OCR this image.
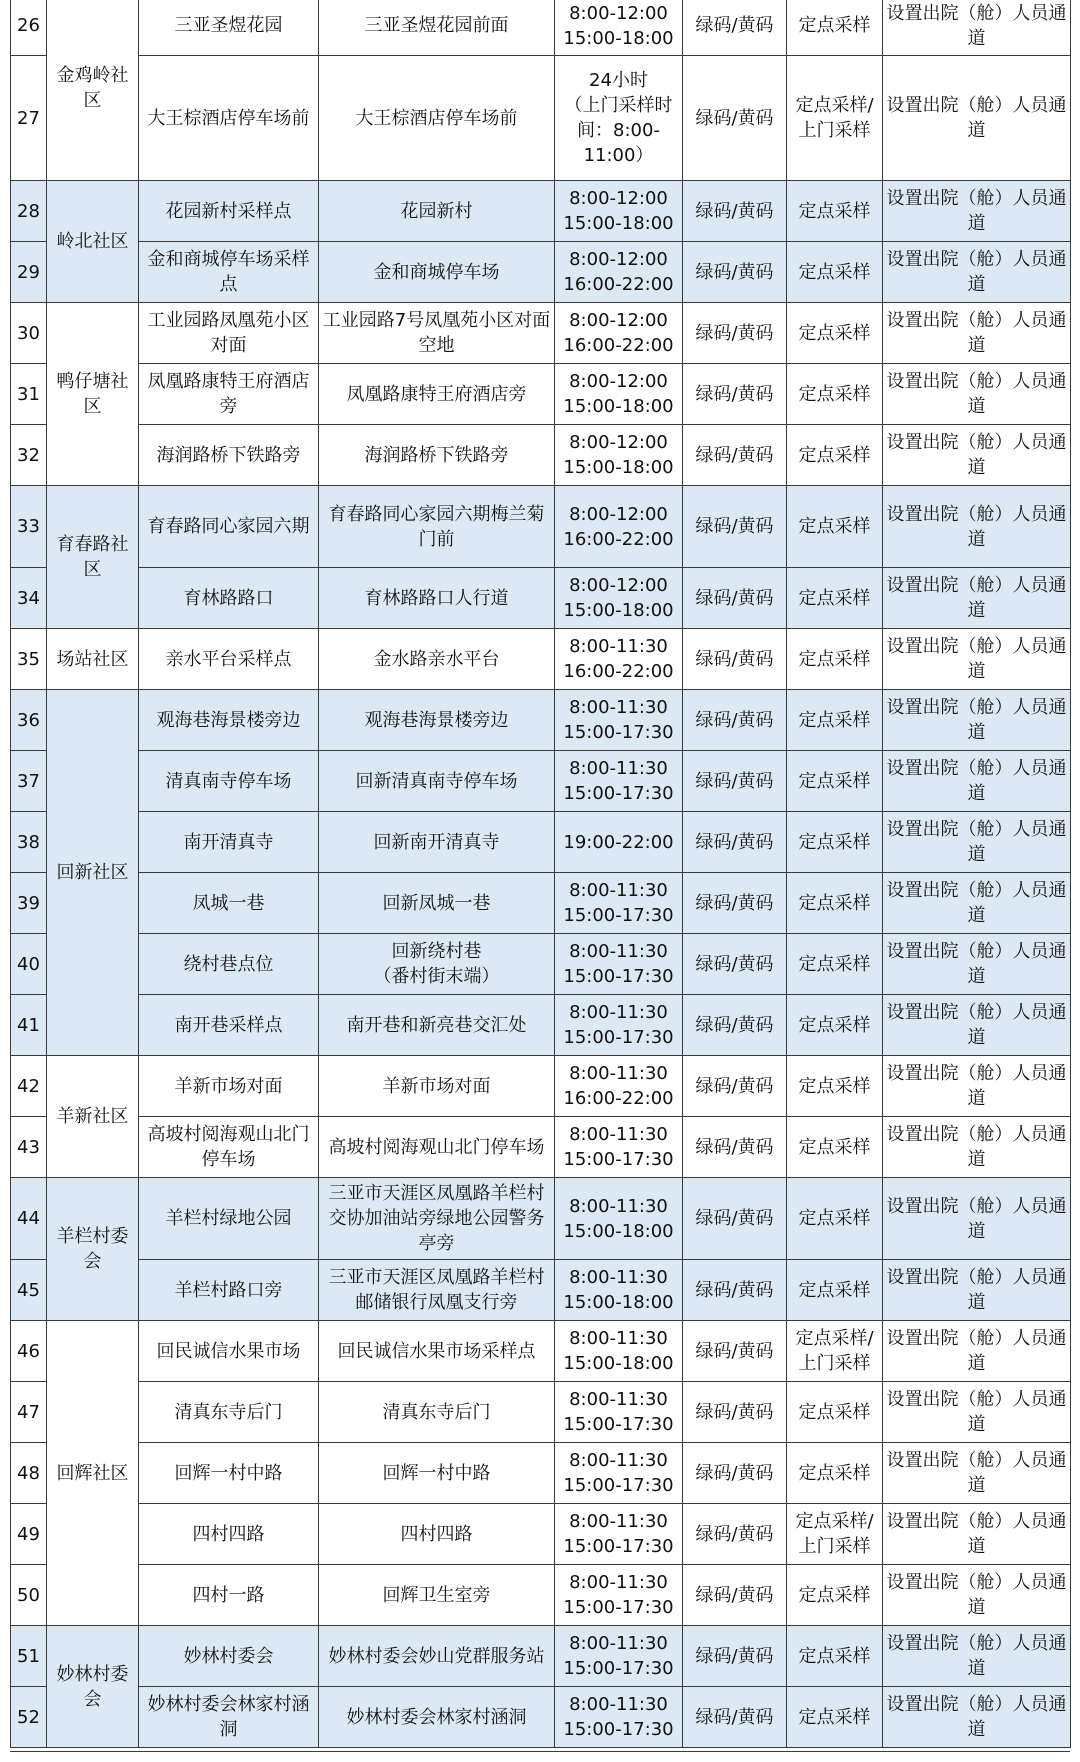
26	金鸡岭社区	三亚圣煜花园	三亚圣煜花园前面	8:00-12:00
15:00-18:00	绿码/黄码	定点采样	设置出院（舱）人员通道
27		大王棕酒店停车场前	大王棕酒店停车场前	24小时
（上门采样时间：8:00-11:00）	绿码/黄码	定点采样/上门采样	设置出院（舱）人员通道
28	岭北社区	花园新村采样点	花园新村	8:00-12:00
15:00-18:00	绿码/黄码	定点采样	设置出院（舱）人员通道
29		金和商城停车场采样点	金和商城停车场	8:00-12:00
16:00-22:00	绿码/黄码	定点采样	设置出院（舱）人员通道
30	鸭仔塘社区	工业园路凤凰苑小区对面	工业园路7号凤凰苑小区对面空地	8:00-12:00
16:00-22:00	绿码/黄码	定点采样	设置出院（舱）人员通道
31		凤凰路康特王府酒店旁	凤凰路康特王府酒店旁	8:00-12:00
15:00-18:00	绿码/黄码	定点采样	设置出院（舱）人员通道
32		海润路桥下铁路旁	海润路桥下铁路旁	8:00-12:00
15:00-18:00	绿码/黄码	定点采样	设置出院（舱）人员通道
33	育春路社区	育春路同心家园六期	育春路同心家园六期梅兰菊门前	8:00-12:00
16:00-22:00	绿码/黄码	定点采样	设置出院（舱）人员通道
34		育林路路口	育林路路口人行道	8:00-12:00
15:00-18:00	绿码/黄码	定点采样	设置出院（舱）人员通道
35	场站社区	亲水平台采样点	金水路亲水平台	8:00-11:30
16:00-22:00	绿码/黄码	定点采样	设置出院（舱）人员通道
36	回新社区	观海巷海景楼旁边	观海巷海景楼旁边	8:00-11:30
15:00-17:30	绿码/黄码	定点采样	设置出院（舱）人员通道
37		清真南寺停车场	回新清真南寺停车场	8:00-11:30
15:00-17:30	绿码/黄码	定点采样	设置出院（舱）人员通道
38		南开清真寺	回新南开清真寺	19:00-22:00	绿码/黄码	定点采样	设置出院（舱）人员通道
39		凤城一巷	回新凤城一巷	8:00-11:30
15:00-17:30	绿码/黄码	定点采样	设置出院（舱）人员通道
40		绕村巷点位	回新绕村巷
（番村街末端）	8:00-11:30
15:00-17:30	绿码/黄码	定点采样	设置出院（舱）人员通道
41		南开巷采样点	南开巷和新亮巷交汇处	8:00-11:30
15:00-17:30	绿码/黄码	定点采样	设置出院（舱）人员通道
42	羊新社区	羊新市场对面	羊新市场对面	8:00-11:30
16:00-22:00	绿码/黄码	定点采样	设置出院（舱）人员通道
43		高坡村阅海观山北门停车场	高坡村阅海观山北门停车场	8:00-11:30
15:00-17:30	绿码/黄码	定点采样	设置出院（舱）人员通道
44	羊栏村委会	羊栏村绿地公园	三亚市天涯区凤凰路羊栏村交协加油站旁绿地公园警务亭旁	8:00-11:30
15:00-18:00	绿码/黄码	定点采样	设置出院（舱）人员通道
45		羊栏村路口旁	三亚市天涯区凤凰路羊栏村邮储银行凤凰支行旁	8:00-11:30
15:00-18:00	绿码/黄码	定点采样	设置出院（舱）人员通道
46	回辉社区	回民诚信水果市场	回民诚信水果市场采样点	8:00-11:30
15:00-18:00	绿码/黄码	定点采样/上门采样	设置出院（舱）人员通道
47		清真东寺后门	清真东寺后门	8:00-11:30
15:00-17:30	绿码/黄码	定点采样	设置出院（舱）人员通道
48		回辉一村中路	回辉一村中路	8:00-11:30
15:00-17:30	绿码/黄码	定点采样	设置出院（舱）人员通道
49		四村四路	四村四路	8:00-11:30
15:00-17:30	绿码/黄码	定点采样/上门采样	设置出院（舱）人员通道
50		四村一路	回辉卫生室旁	8:00-11:30
15:00-17:30	绿码/黄码	定点采样	设置出院（舱）人员通道
51	妙林村委会	妙林村委会	妙林村委会妙山党群服务站	8:00-11:30
15:00-17:30	绿码/黄码	定点采样	设置出院（舱）人员通道
52		妙林村委会林家村涵洞	妙林村委会林家村涵洞	8:00-11:30
15:00-17:30	绿码/黄码	定点采样	设置出院（舱）人员通道
